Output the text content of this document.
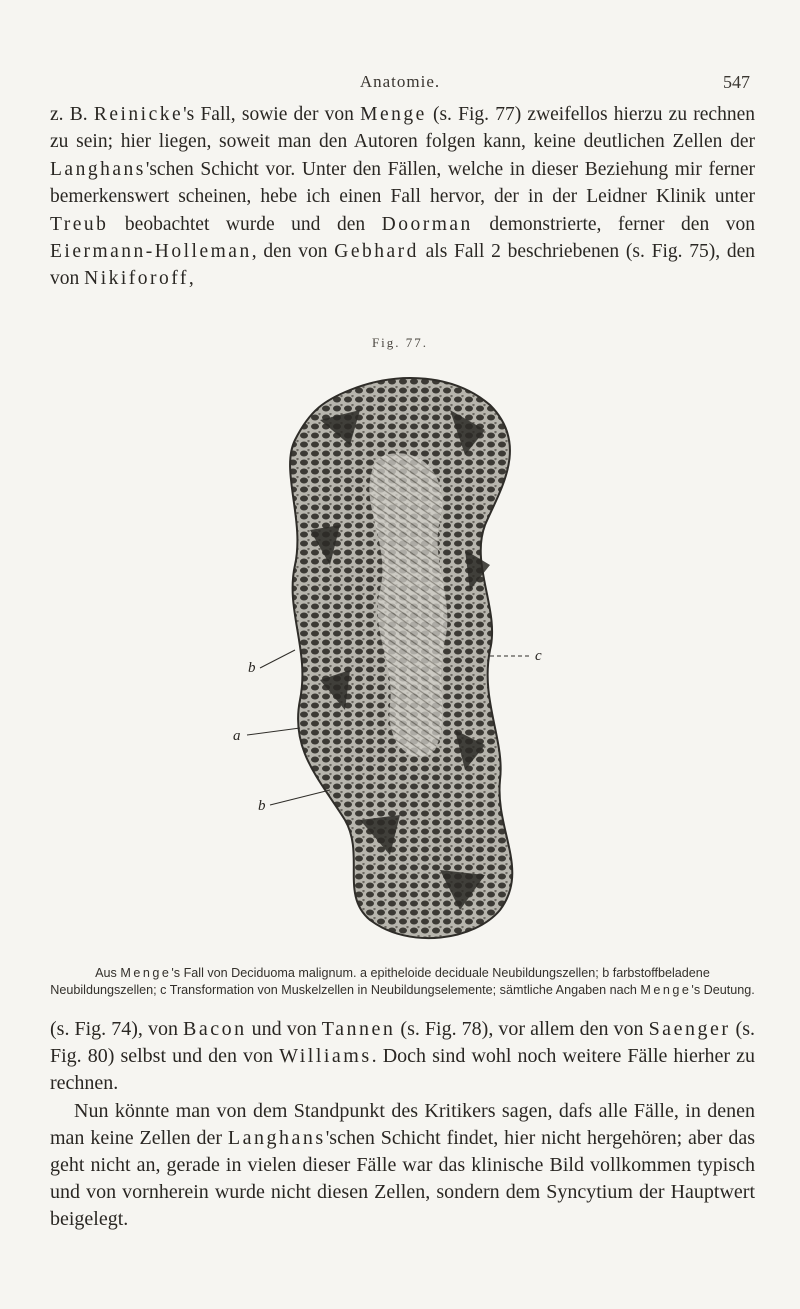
Anatomie.	547

z. B. Reinicke's Fall, sowie der von Menge (s. Fig. 77) zweifellos hierzu zu rechnen zu sein; hier liegen, soweit man den Autoren folgen kann, keine deutlichen Zellen der Langhans'schen Schicht vor. Unter den Fällen, welche in dieser Beziehung mir ferner bemerkenswert scheinen, hebe ich einen Fall hervor, der in der Leidner Klinik unter Treub beobachtet wurde und den Doorman demonstrierte, ferner den von Eiermann-Holleman, den von Gebhard als Fall 2 beschriebenen (s. Fig. 75), den von Nikiforoff,

Fig. 77.
b
c
a
b

Aus Menge's Fall von Deciduoma malignum. a epitheloide deciduale Neubildungszellen; b farbstoffbeladene Neubildungszellen; c Transformation von Muskelzellen in Neubildungselemente; sämtliche Angaben nach Menge's Deutung.

(s. Fig. 74), von Bacon und von Tannen (s. Fig. 78), vor allem den von Saenger (s. Fig. 80) selbst und den von Williams. Doch sind wohl noch weitere Fälle hierher zu rechnen.
Nun könnte man von dem Standpunkt des Kritikers sagen, dafs alle Fälle, in denen man keine Zellen der Langhans'schen Schicht findet, hier nicht hergehören; aber das geht nicht an, gerade in vielen dieser Fälle war das klinische Bild vollkommen typisch und von vornherein wurde nicht diesen Zellen, sondern dem Syncytium der Hauptwert beigelegt.
